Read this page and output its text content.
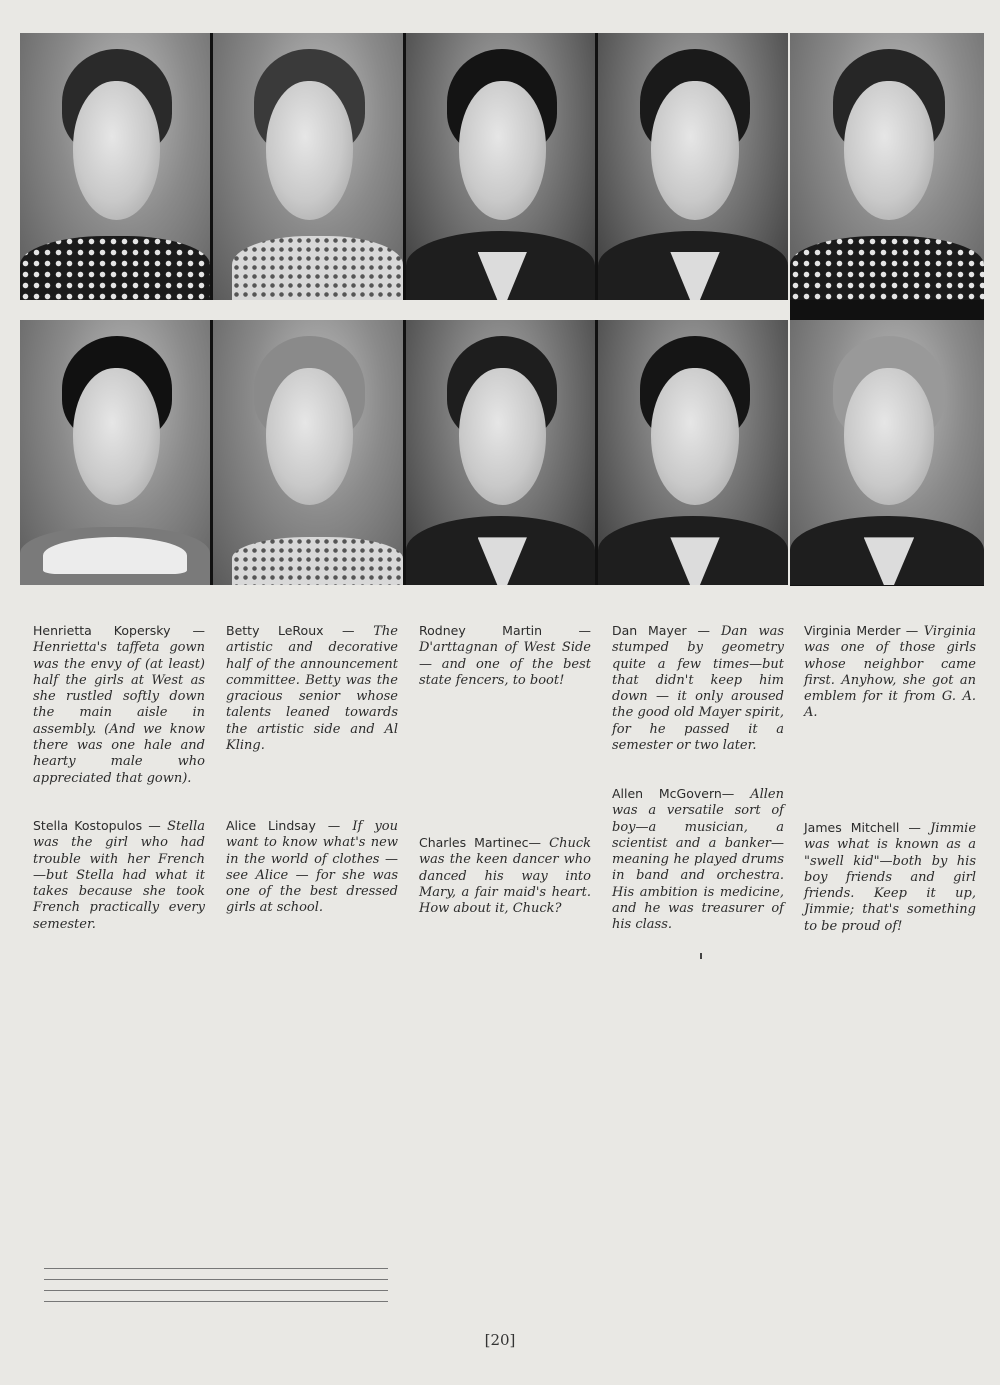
Henrietta Kopersky — Henrietta's taffeta gown was the envy of (at least) half the girls at West as she rustled softly down the main aisle in assembly. (And we know there was one hale and hearty male who appreciated that gown).
Betty LeRoux — The artistic and decorative half of the announcement committee. Betty was the gracious senior whose talents leaned towards the artistic side and Al Kling.
Rodney Martin — D'arttagnan of West Side— and one of the best state fencers, to boot!
Dan Mayer — Dan was stumped by geometry quite a few times—but that didn't keep him down — it only aroused the good old Mayer spirit, for he passed it a semester or two later.
Virginia Merder — Virginia was one of those girls whose neighbor came first. Anyhow, she got an emblem for it from G. A. A.
Stella Kostopulos — Stella was the girl who had trouble with her French —but Stella had what it takes because she took French practically every semester.
Alice Lindsay — If you want to know what's new in the world of clothes — see Alice — for she was one of the best dressed girls at school.
Charles Martinec— Chuck was the keen dancer who danced his way into Mary, a fair maid's heart. How about it, Chuck?
Allen McGovern— Allen was a versatile sort of boy—a musician, a scientist and a banker—meaning he played drums in band and orchestra. His ambition is medicine, and he was treasurer of his class.
James Mitchell — Jimmie was what is known as a "swell kid"—both by his boy friends and girl friends. Keep it up, Jimmie; that's something to be proud of!
[20]
